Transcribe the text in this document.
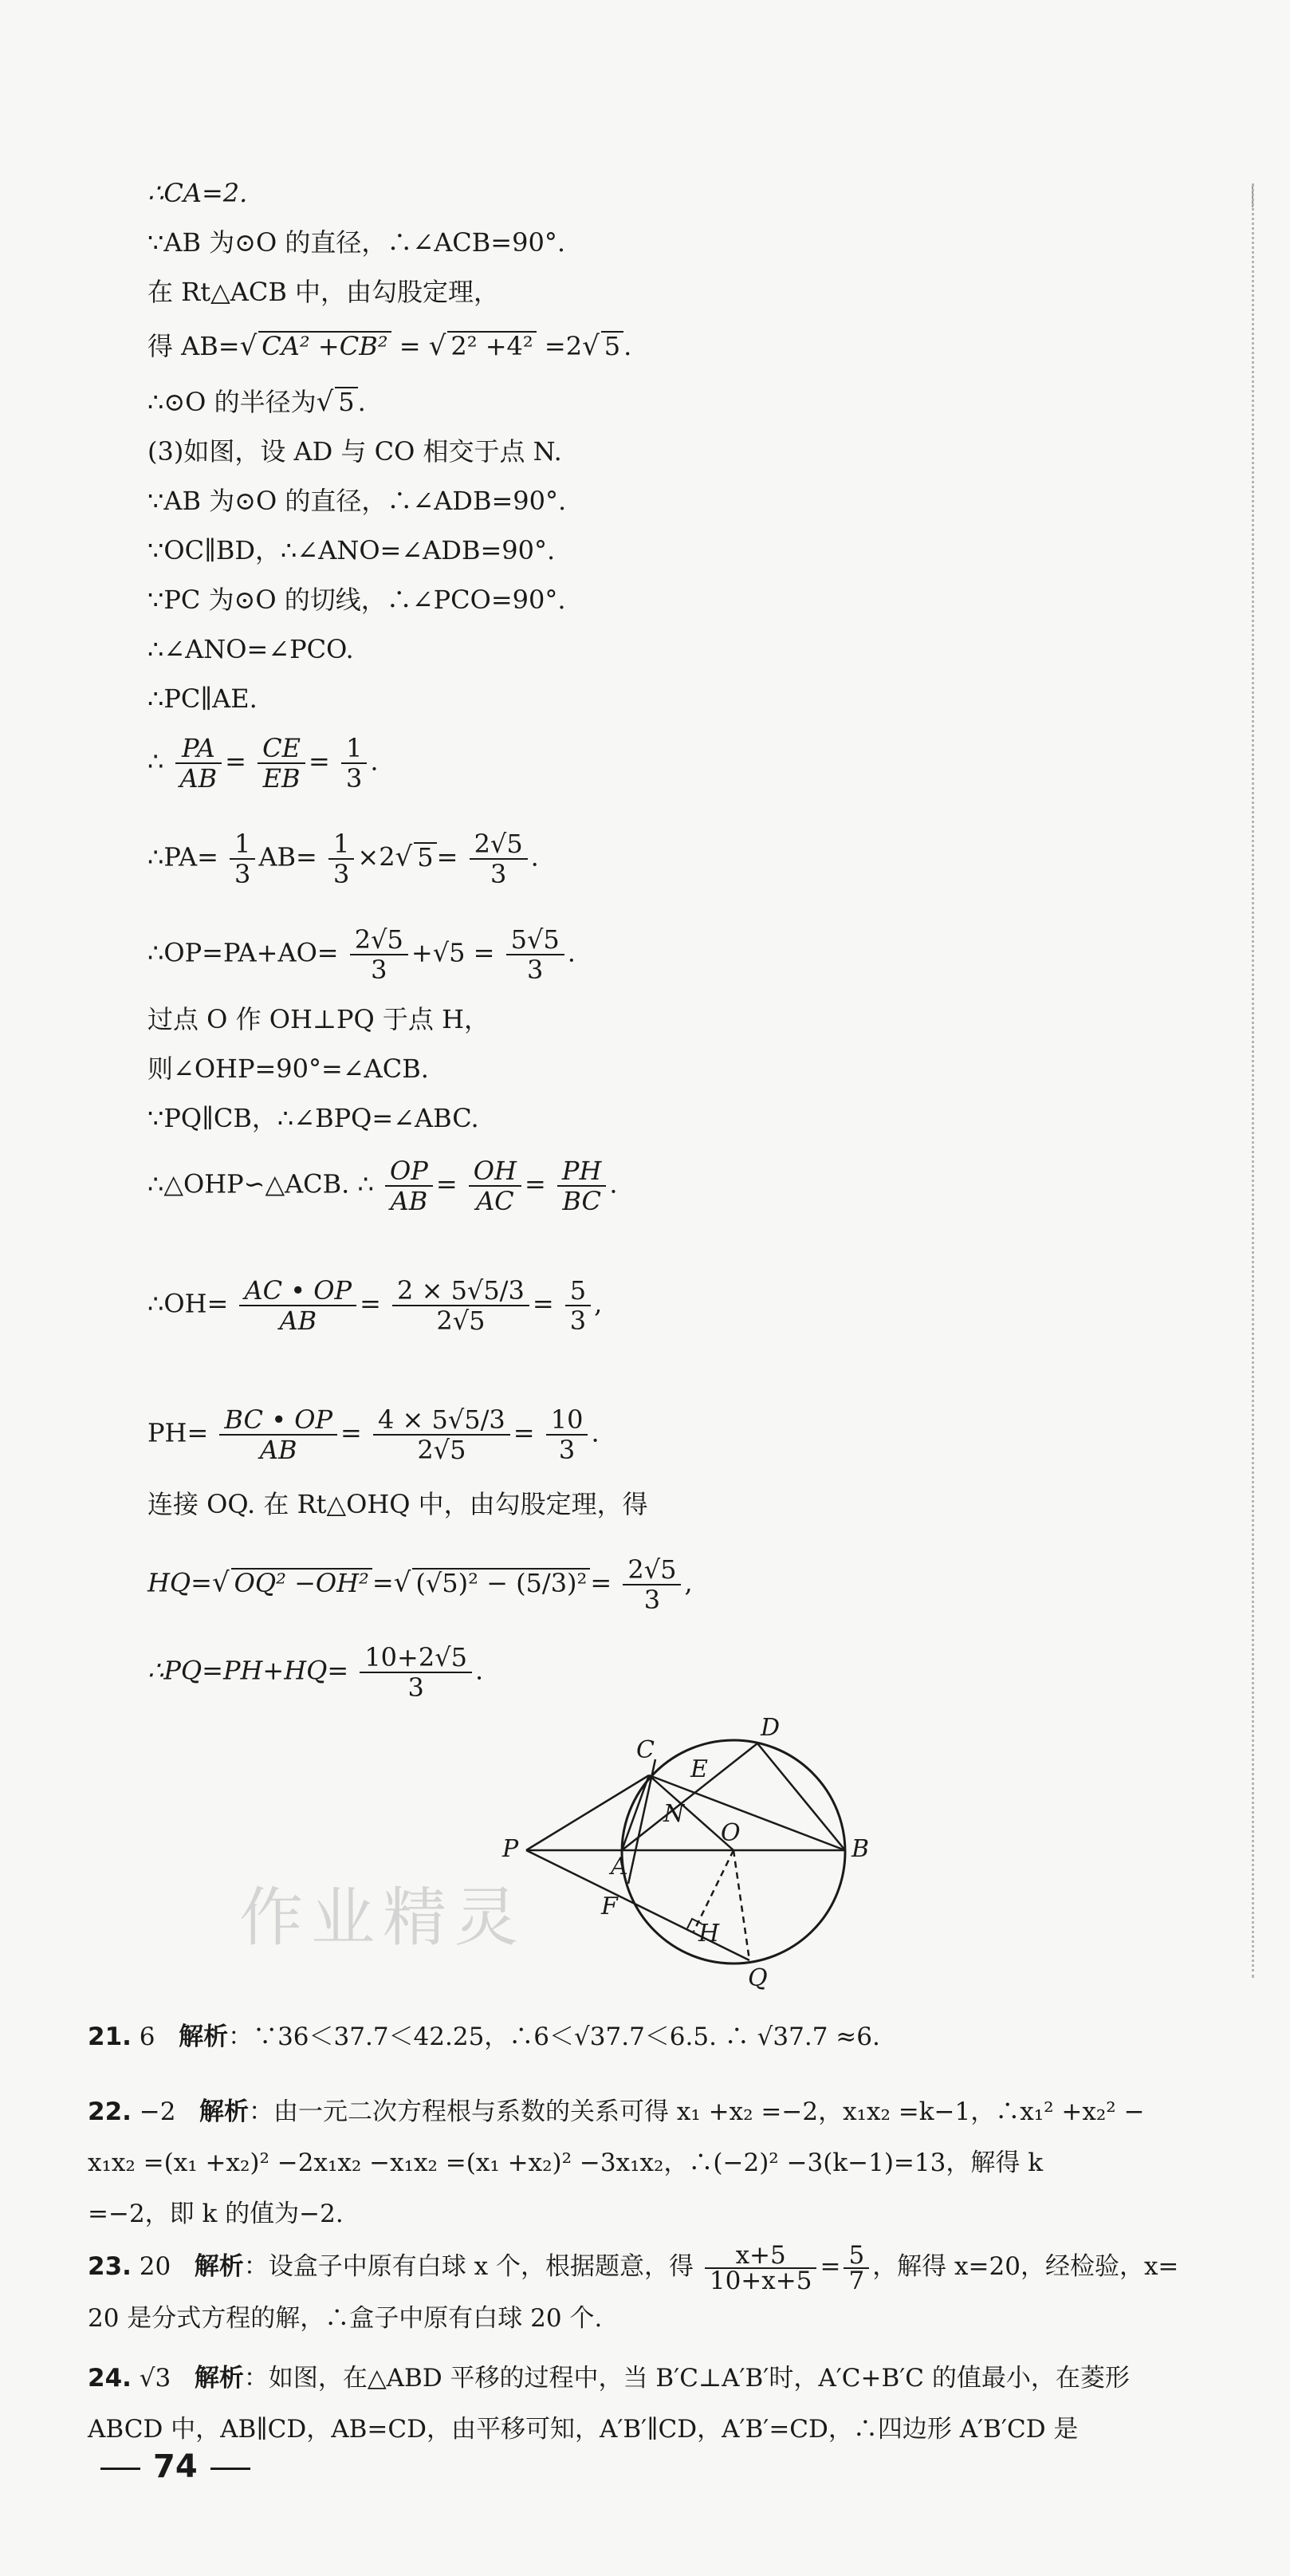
∴CA=2.
∵AB 为⊙O 的直径，∴∠ACB=90°.
在 Rt△ACB 中，由勾股定理，
得 AB=√ CA² +CB² = √ 2² +4² =2√ 5 .
∴⊙O 的半径为√ 5 .
(3)如图，设 AD 与 CO 相交于点 N.
∵AB 为⊙O 的直径，∴∠ADB=90°.
∵OC∥BD，∴∠ANO=∠ADB=90°.
∵PC 为⊙O 的切线，∴∠PCO=90°.
∴∠ANO=∠PCO.
∴PC∥AE.
∴ $\frac{PA}{AB} = \frac{CE}{EB} = \frac{1}{3}$ .
∴PA= $\frac{1}{3} AB= \frac{1}{3} \times 2√$ $5 = \frac{2√5}{3}$ .
∴OP=PA+AO= $\frac{2√5}{3} +√5 = \frac{5√5}{3}$ .
过点 O 作 OH⊥PQ 于点 H，
则∠OHP=90°=∠ACB.
∵PQ∥CB，∴∠BPQ=∠ABC.
∴△OHP∽△ACB. ∴ $\frac{OP}{AB} = \frac{OH}{AC} = \frac{PH}{BC}$ .
∴OH= $\frac{AC • OP}{AB} = \frac{2 \times 5√5/3}{2√5} = \frac{5}{3}$ ,
$PH= \frac{BC • OP}{AB} = \frac{4 \times 5√5/3}{2√5} = \frac{10}{3}$ .
连接 OQ. 在 Rt△OHQ 中，由勾股定理，得
HQ=√ OQ² −OH² =√ $(√5)^2 - (5/3)^2 = \frac{2√5}{3}$ ,
∴PQ=PH+HQ= $\frac{10+2√5}{3}$ .
作业精灵
C
D
E
N
O
B
P
A
F
H
Q
21. 6 解析：∵36＜37.7＜42.25，∴6＜√37.7＜6.5. ∴ √37.7 ≈6.
22. −2 解析：由一元二次方程根与系数的关系可得 x₁ +x₂ =−2，x₁x₂ =k−1，∴x₁² +x₂² −
x₁x₂ =(x₁ +x₂)² −2x₁x₂ −x₁x₂ =(x₁ +x₂)² −3x₁x₂，∴(−2)² −3(k−1)=13，解得 k
=−2，即 k 的值为−2.
23. 20 解析：设盒子中原有白球 x 个，根据题意，得 $\frac{x+5}{10+x+5} = \frac{5}{7}$ ，解得 x=20，经检验，x=
20 是分式方程的解，∴盒子中原有白球 20 个.
24. √3 解析：如图，在△ABD 平移的过程中，当 B′C⊥A′B′时，A′C+B′C 的值最小，在菱形
ABCD 中，AB∥CD，AB=CD，由平移可知，A′B′∥CD，A′B′=CD，∴四边形 A′B′CD 是
74
